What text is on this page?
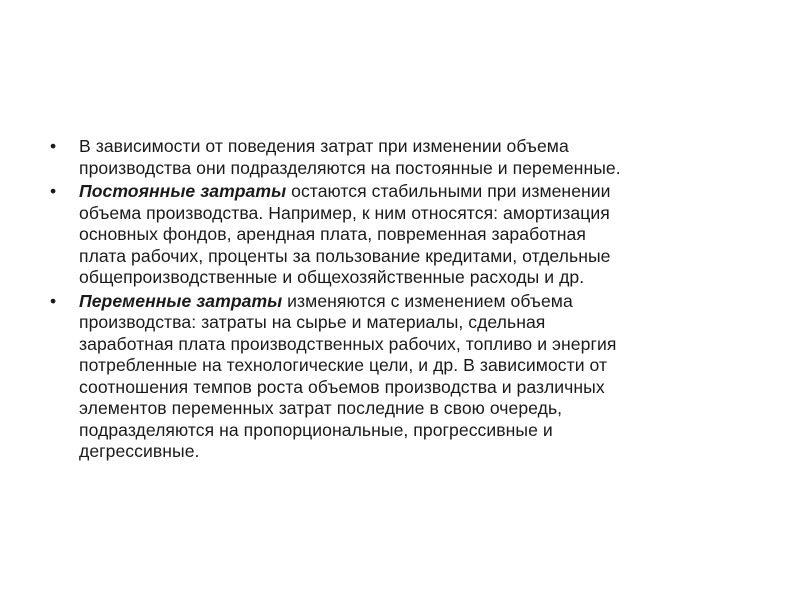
•	В зависимости от поведения затрат при изменении объема
производства они подразделяются на постоянные и переменные.
•	Постоянные затраты остаются стабильными при изменении
объема производства. Например, к ним относятся: амортизация
основных фондов, арендная плата, повременная заработная
плата рабочих, проценты за пользование кредитами, отдельные
общепроизводственные и общехозяйственные расходы и др.
•	Переменные затраты изменяются с изменением объема
производства: затраты на сырье и материалы, сдельная
заработная плата производственных рабочих, топливо и энергия
потребленные на технологические цели, и др. В зависимости от
соотношения темпов роста объемов производства и различных
элементов переменных затрат последние в свою очередь,
подразделяются на пропорциональные, прогрессивные и
дегрессивные.
